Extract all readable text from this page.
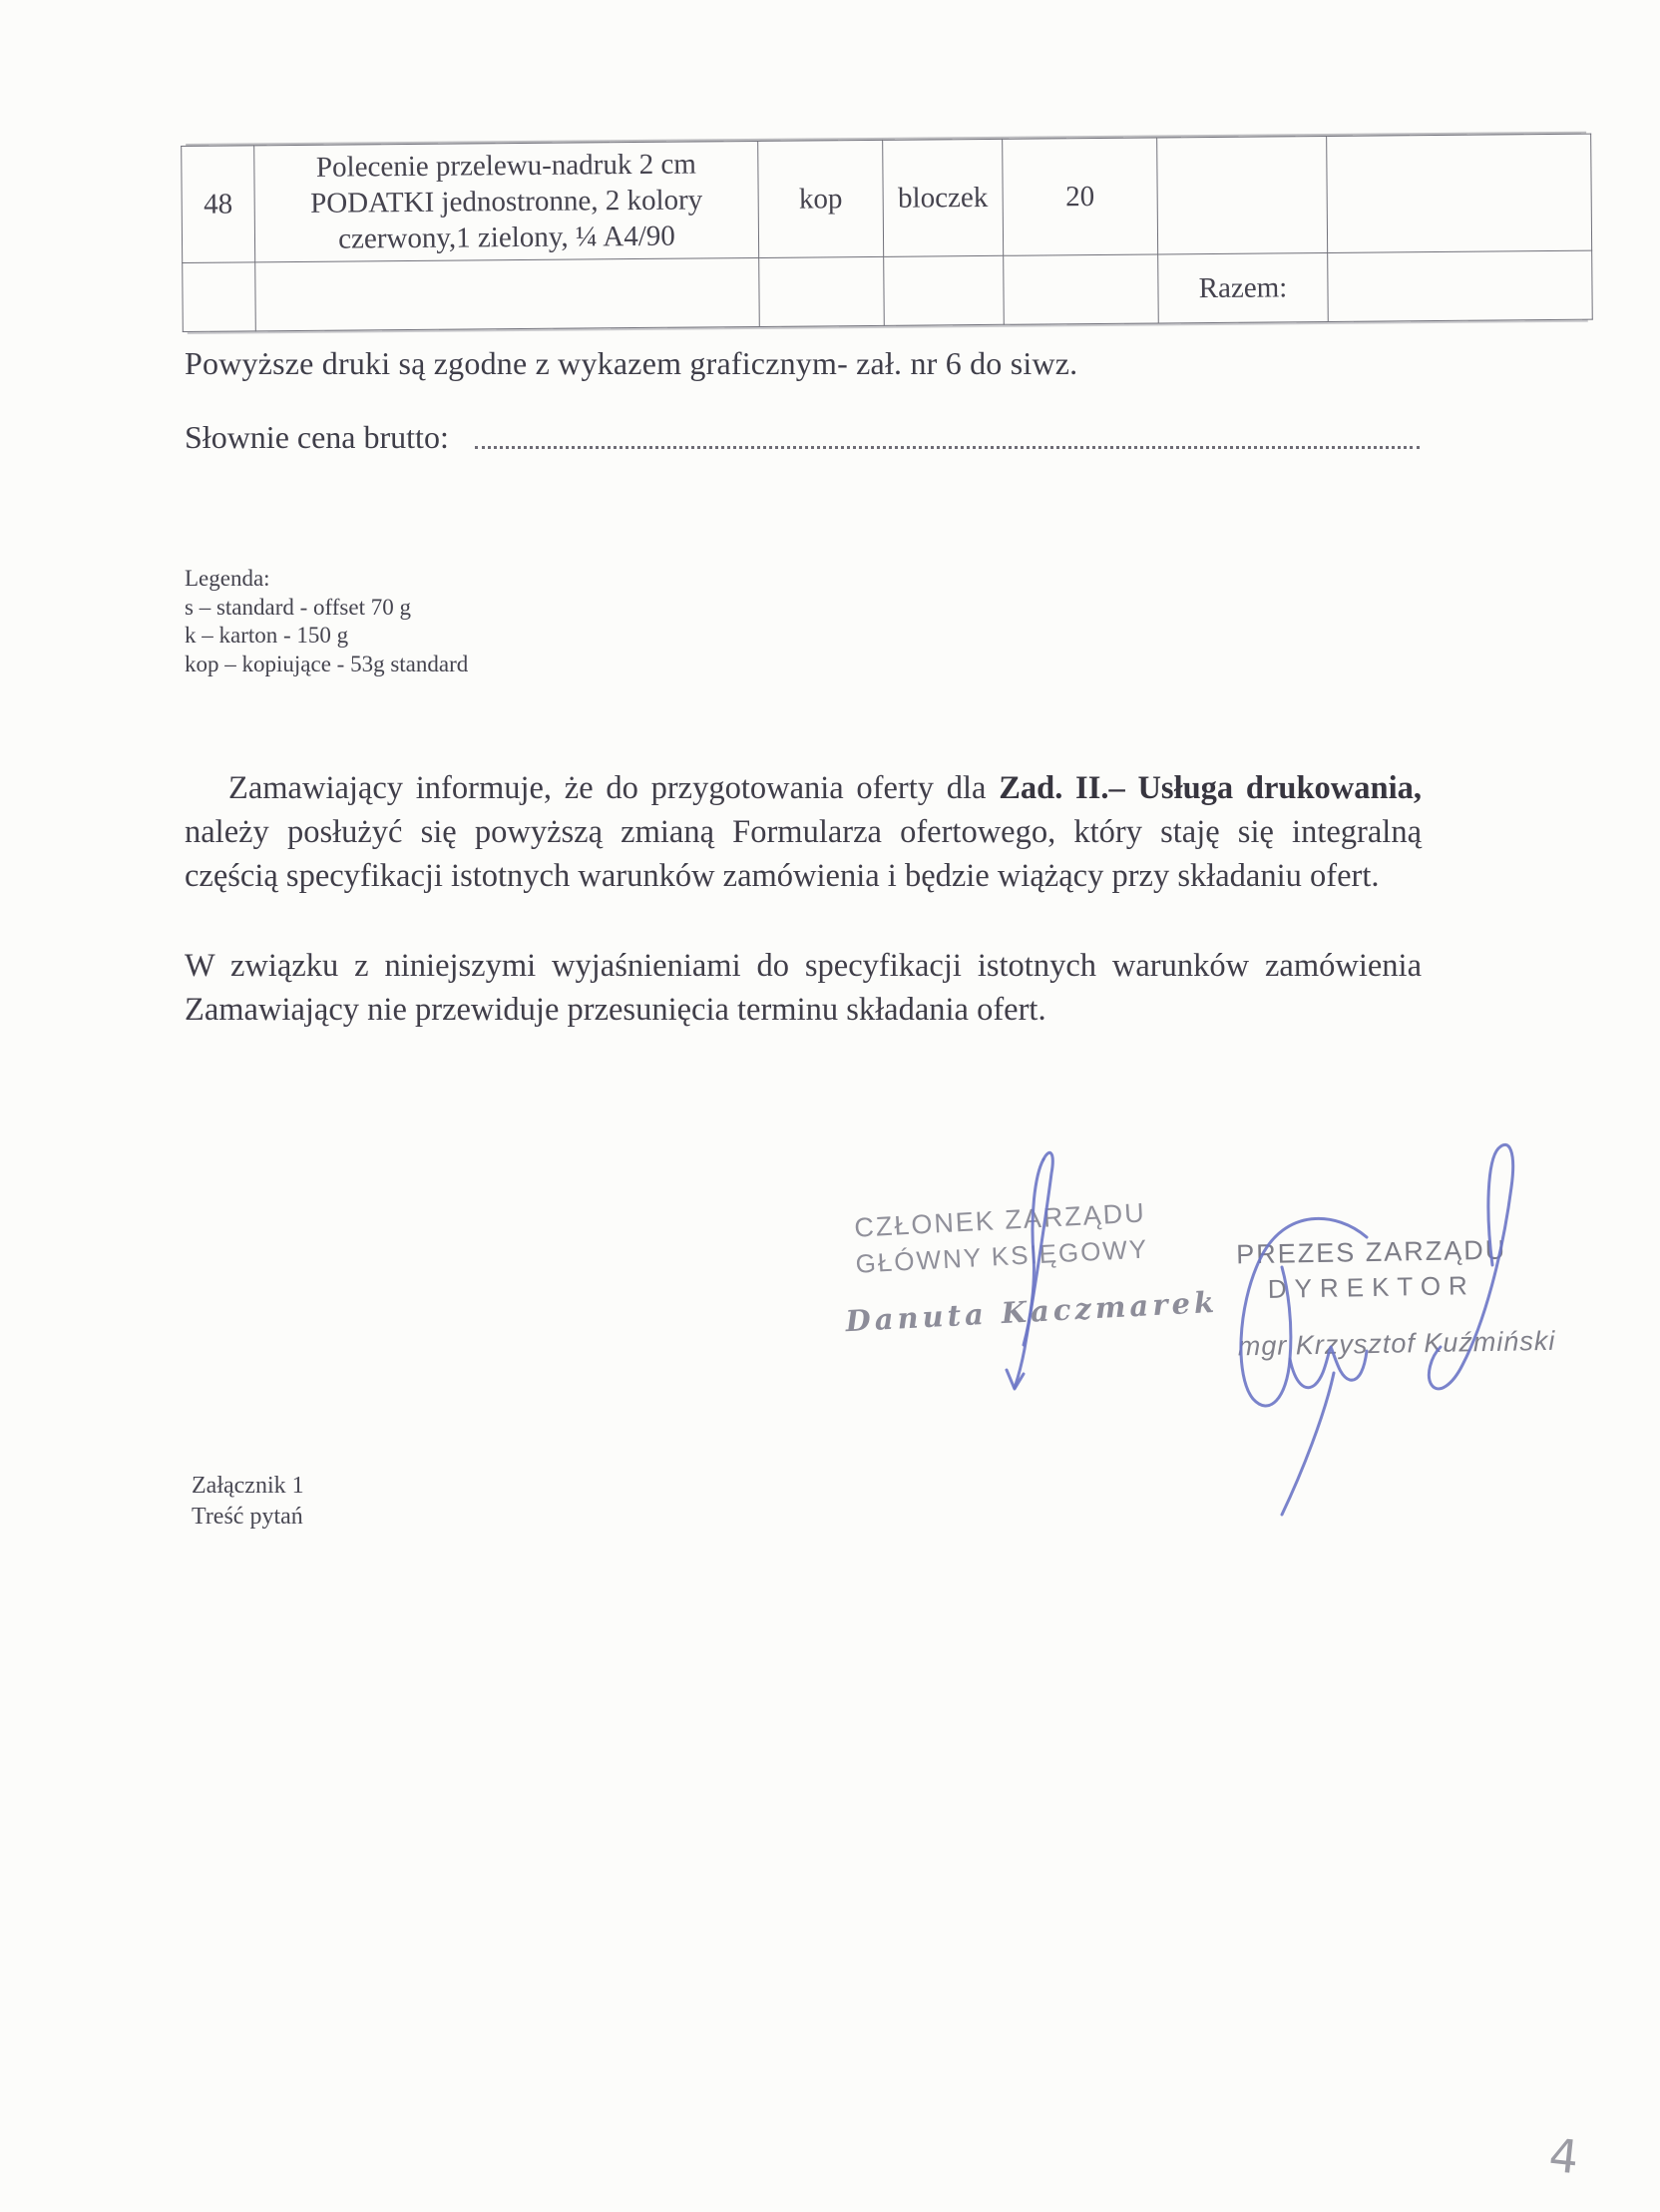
48	Polecenie przelewu-nadruk 2 cm
PODATKI jednostronne, 2 kolory
czerwony,1 zielony, ¼ A4/90	kop	bloczek	20		
					Razem:	
Powyższe druki są zgodne z wykazem graficznym- zał. nr 6 do siwz.
Słownie cena brutto:
Legenda:
s – standard - offset 70 g
k – karton - 150 g
kop – kopiujące - 53g standard
Zamawiający informuje, że do przygotowania oferty dla Zad. II.– Usługa drukowania, należy posłużyć się powyższą zmianą Formularza ofertowego, który staję się integralną częścią specyfikacji istotnych warunków zamówienia i będzie wiążący przy składaniu ofert.
W związku z niniejszymi wyjaśnieniami do specyfikacji istotnych warunków zamówienia Zamawiający nie przewiduje przesunięcia terminu składania ofert.
CZŁONEK ZARZĄDU
GŁÓWNY KSIĘGOWY
Danuta Kaczmarek
PREZES ZARZĄDU
DYREKTOR
mgr Krzysztof Kuźmiński
Załącznik 1
Treść pytań
4
